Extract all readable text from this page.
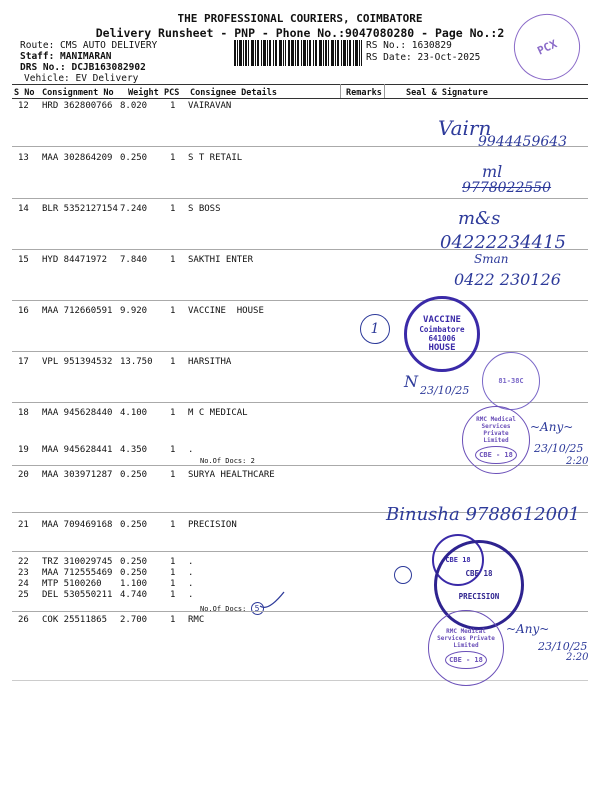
THE PROFESSIONAL COURIERS, COIMBATORE
Delivery Runsheet - PNP - Phone No.:9047080280 - Page No.:2
Route: CMS AUTO DELIVERY
Staff: MANIMARAN
DRS No.: DCJB163082902
Vehicle: EV Delivery
RS No.: 1630829
RS Date: 23-Oct-2025
PCX
S No Consignment No Weight PCS Consignee Details	Remarks	Seal & Signature
12 HRD 362800766 8.020	1 VAIRAVAN
13 MAA 302864209 0.250	1 S T RETAIL
14 BLR 5352127154 7.240	1 S BOSS
15 HYD 84471972 7.840	1 SAKTHI ENTER
16 MAA 712660591 9.920	1 VACCINE  HOUSE
17 VPL 951394532 13.750 1 HARSITHA
18 MAA 945628440 4.100	1 M C MEDICAL
19 MAA 945628441 4.350	1 .
No.Of Docs: 2
20 MAA 303971287 0.250	1 SURYA HEALTHCARE
21 MAA 709469168 0.250	1 PRECISION
22 TRZ 310029745 0.250	1 .
23 MAA 712555469 0.250	1 .
24 MTP 5100260 1.100	1 .
25 DEL 530550211 4.740	1 .
No.Of Docs: 5
26 COK 25511865 2.700	1 RMC
Vairn
9944459643
ml
9778022550
m&s
04222234415
Sman
0422 230126
1
N 23/10/25
~Any~
23/10/25
2:20
Binusha 9788612001
~Any~
23/10/25
2:20
VACCINE
Coimbatore
641006
HOUSE
81-38C
RMC Medical Services Private Limited
CBE - 18
CBE 18
CBE 18
PRECISION
RMC Medical Services Private Limited
CBE - 18
